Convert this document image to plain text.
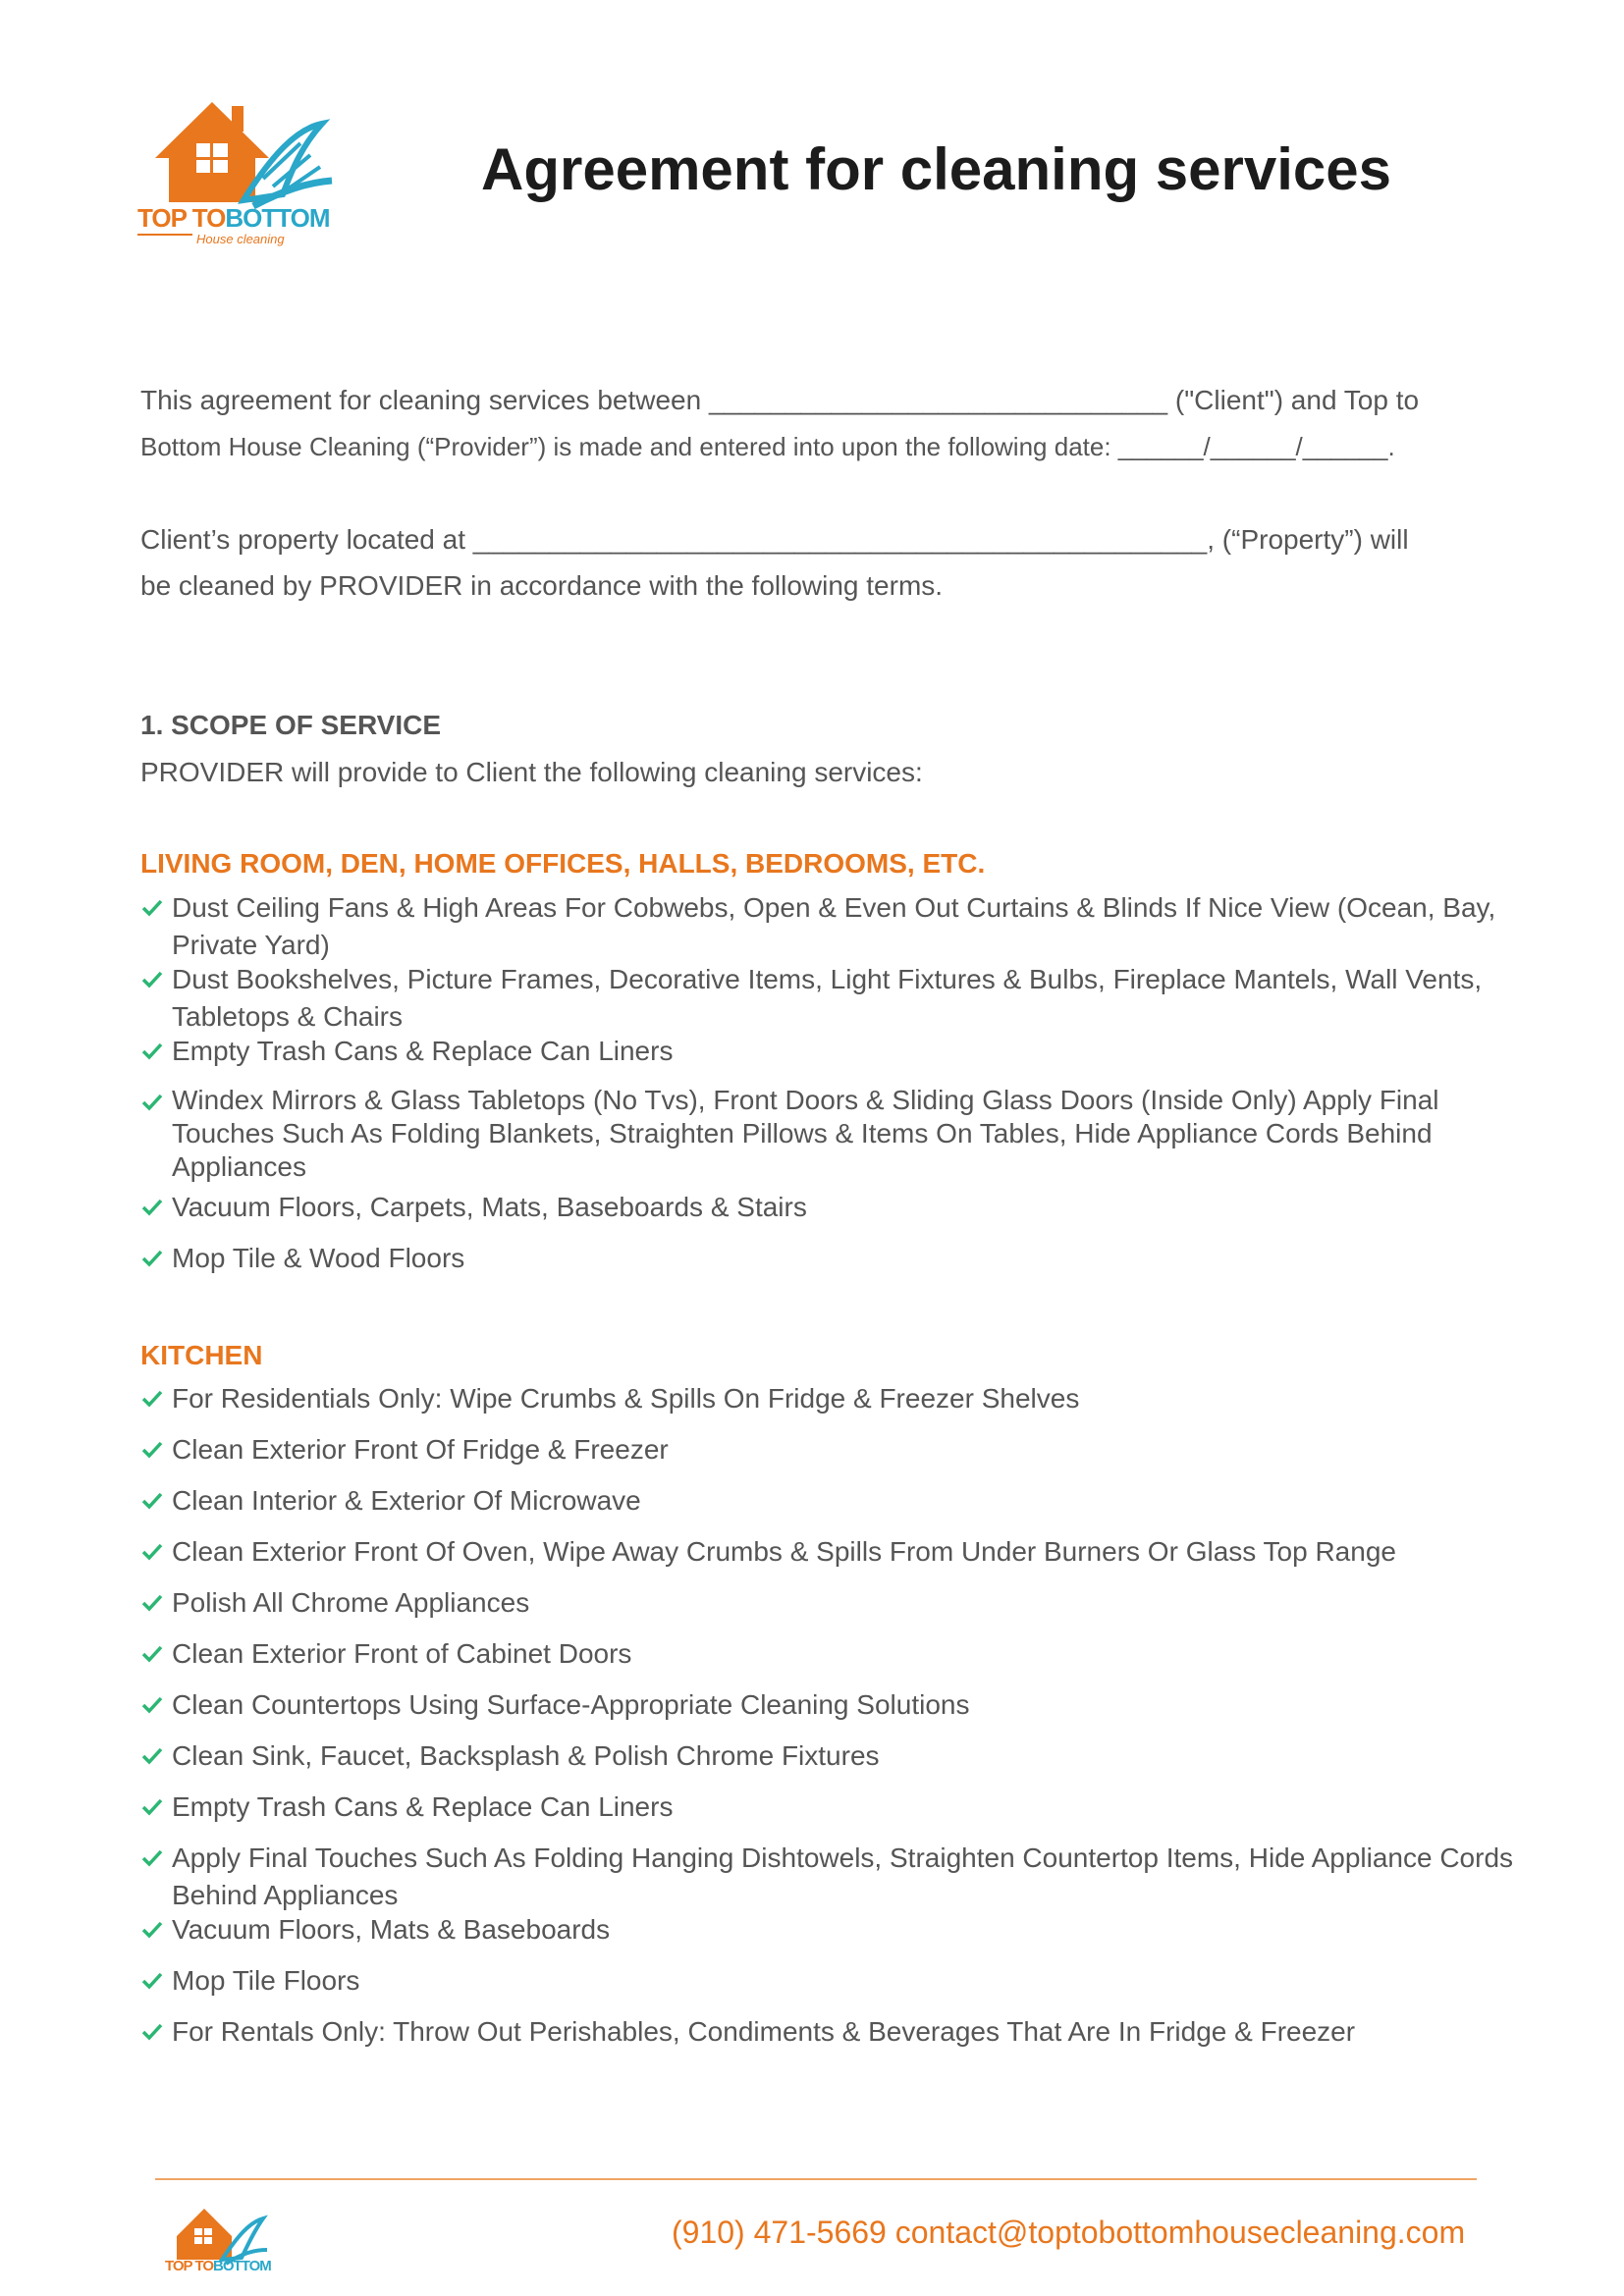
TOP TOBOTTOM
House cleaning
Agreement for cleaning services
This agreement for cleaning services between ______________________________ ("Client") and Top to
Bottom House Cleaning (“Provider”) is made and entered into upon the following date: ______/______/______.
Client’s property located at ________________________________________________, (“Property”) will
be cleaned by PROVIDER in accordance with the following terms.
1. SCOPE OF SERVICE
PROVIDER will provide to Client the following cleaning services:
LIVING ROOM, DEN, HOME OFFICES, HALLS, BEDROOMS, ETC.
Dust Ceiling Fans & High Areas For Cobwebs, Open & Even Out Curtains & Blinds If Nice View (Ocean, Bay, Private Yard)
Dust Bookshelves, Picture Frames, Decorative Items, Light Fixtures & Bulbs, Fireplace Mantels, Wall Vents, Tabletops & Chairs
Empty Trash Cans & Replace Can Liners
Windex Mirrors & Glass Tabletops (No Tvs), Front Doors & Sliding Glass Doors (Inside Only) Apply Final Touches Such As Folding Blankets, Straighten Pillows & Items On Tables, Hide Appliance Cords Behind Appliances
Vacuum Floors, Carpets, Mats, Baseboards & Stairs
Mop Tile & Wood Floors
KITCHEN
For Residentials Only: Wipe Crumbs & Spills On Fridge & Freezer Shelves
Clean Exterior Front Of Fridge & Freezer
Clean Interior & Exterior Of Microwave
Clean Exterior Front Of Oven, Wipe Away Crumbs & Spills From Under Burners Or Glass Top Range
Polish All Chrome Appliances
Clean Exterior Front of Cabinet Doors
Clean Countertops Using Surface-Appropriate Cleaning Solutions
Clean Sink, Faucet, Backsplash & Polish Chrome Fixtures
Empty Trash Cans & Replace Can Liners
Apply Final Touches Such As Folding Hanging Dishtowels, Straighten Countertop Items, Hide Appliance Cords Behind Appliances
Vacuum Floors, Mats & Baseboards
Mop Tile Floors
For Rentals Only: Throw Out Perishables, Condiments & Beverages That Are In Fridge & Freezer
TOP TOBOTTOM
(910) 471-5669 contact@toptobottomhousecleaning.com
